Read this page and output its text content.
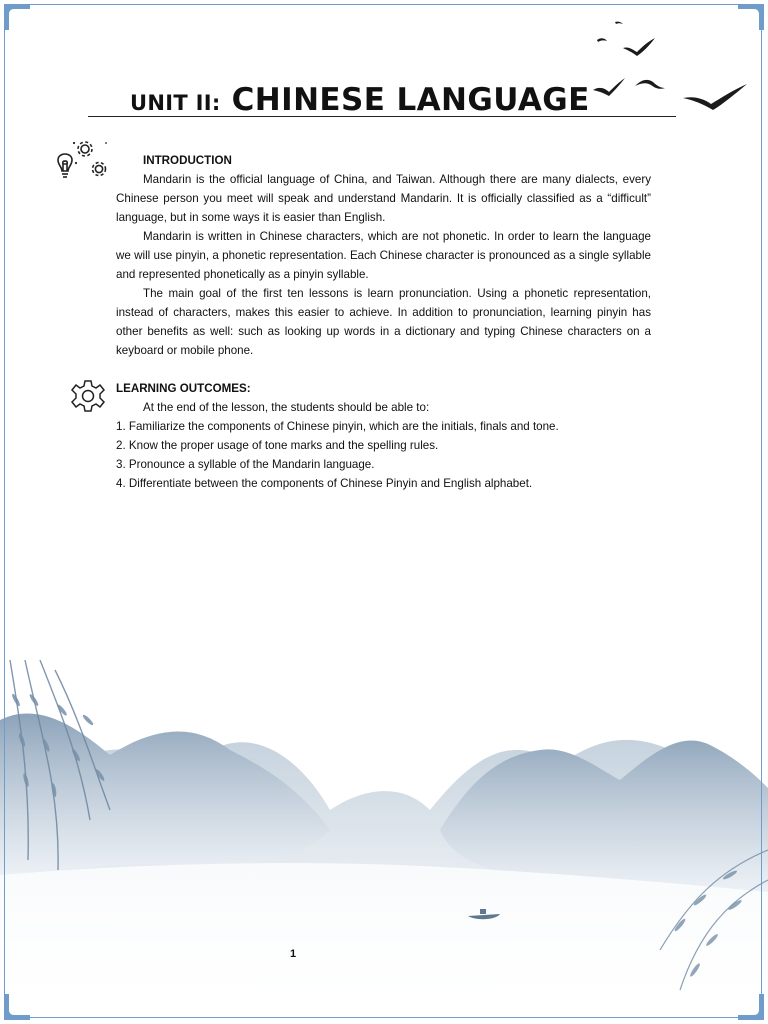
UNIT II: CHINESE LANGUAGE

INTRODUCTION

Mandarin is the official language of China, and Taiwan. Although there are many dialects, every Chinese person you meet will speak and understand Mandarin. It is officially classified as a “difficult” language, but in some ways it is easier than English.

Mandarin is written in Chinese characters, which are not phonetic. In order to learn the language we will use pinyin, a phonetic representation. Each Chinese character is pronounced as a single syllable and represented phonetically as a pinyin syllable.

The main goal of the first ten lessons is learn pronunciation. Using a phonetic representation, instead of characters, makes this easier to achieve. In addition to pronunciation, learning pinyin has other benefits as well: such as looking up words in a dictionary and typing Chinese characters on a keyboard or mobile phone.

LEARNING OUTCOMES:

At the end of the lesson, the students should be able to:

1. Familiarize the components of Chinese pinyin, which are the initials, finals and tone.

2. Know the proper usage of tone marks and the spelling rules.

3. Pronounce a syllable of the Mandarin language.

4. Differentiate between the components of Chinese Pinyin and English alphabet.

1
